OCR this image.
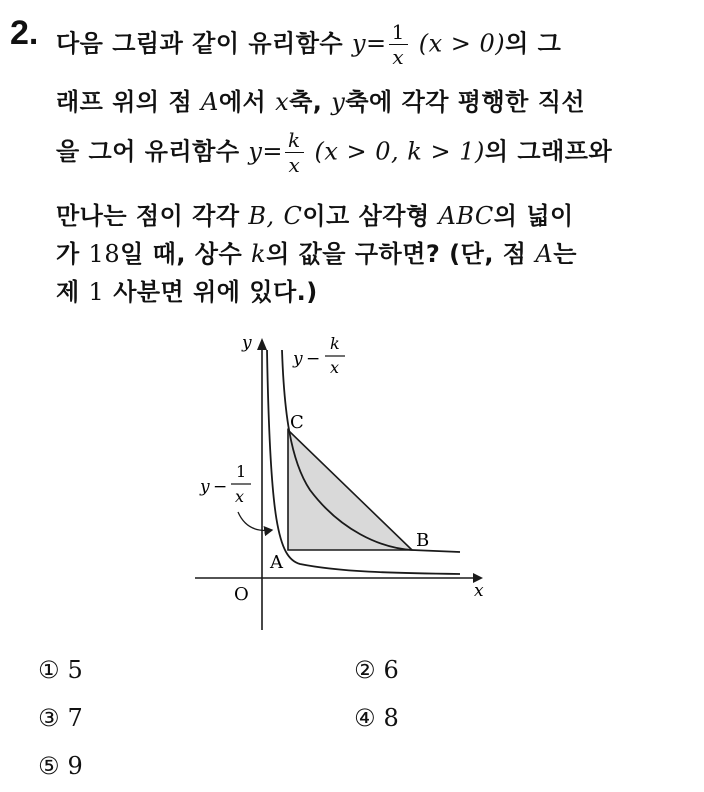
2. 다음 그림과 같이 유리함수 $y= \frac{1}{x} (x > 0)$의 그
래프 위의 점 A에서 x축, y축에 각각 평행한 직선
을 그어 유리함수 $y= \frac{k}{x} (x > 0$, k > 1)의 그래프와
만나는 점이 각각 B, C이고 삼각형 ABC의 넓이
가 18일 때, 상수 k의 값을 구하면? (단, 점 A는
제 1 사분면 위에 있다.)
y
x
O
A
B
C
y −
k
x
y −
1
x
① 5	② 6
③ 7	④ 8
⑤ 9
